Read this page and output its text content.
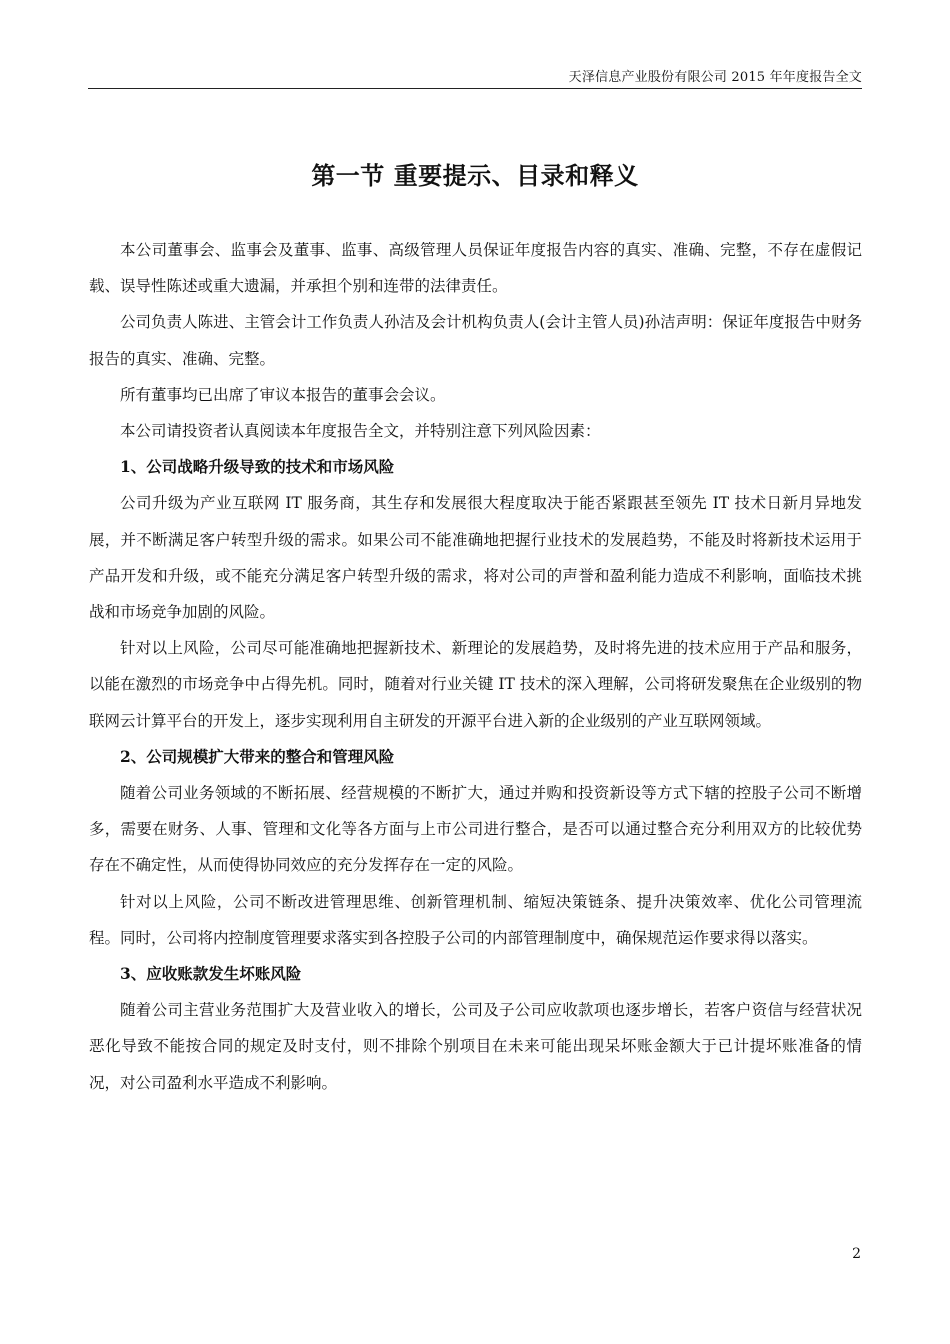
天泽信息产业股份有限公司 2015 年年度报告全文
第一节 重要提示、目录和释义

本公司董事会、监事会及董事、监事、高级管理人员保证年度报告内容的真实、准确、完整，不存在虚假记载、误导性陈述或重大遗漏，并承担个别和连带的法律责任。

公司负责人陈进、主管会计工作负责人孙洁及会计机构负责人(会计主管人员)孙洁声明：保证年度报告中财务报告的真实、准确、完整。

所有董事均已出席了审议本报告的董事会会议。

本公司请投资者认真阅读本年度报告全文，并特别注意下列风险因素：

1、公司战略升级导致的技术和市场风险

公司升级为产业互联网 IT 服务商，其生存和发展很大程度取决于能否紧跟甚至领先 IT 技术日新月异地发展，并不断满足客户转型升级的需求。如果公司不能准确地把握行业技术的发展趋势，不能及时将新技术运用于产品开发和升级，或不能充分满足客户转型升级的需求，将对公司的声誉和盈利能力造成不利影响，面临技术挑战和市场竞争加剧的风险。

针对以上风险，公司尽可能准确地把握新技术、新理论的发展趋势，及时将先进的技术应用于产品和服务，以能在激烈的市场竞争中占得先机。同时，随着对行业关键 IT 技术的深入理解，公司将研发聚焦在企业级别的物联网云计算平台的开发上，逐步实现利用自主研发的开源平台进入新的企业级别的产业互联网领域。

2、公司规模扩大带来的整合和管理风险

随着公司业务领域的不断拓展、经营规模的不断扩大，通过并购和投资新设等方式下辖的控股子公司不断增多，需要在财务、人事、管理和文化等各方面与上市公司进行整合，是否可以通过整合充分利用双方的比较优势存在不确定性，从而使得协同效应的充分发挥存在一定的风险。

针对以上风险，公司不断改进管理思维、创新管理机制、缩短决策链条、提升决策效率、优化公司管理流程。同时，公司将内控制度管理要求落实到各控股子公司的内部管理制度中，确保规范运作要求得以落实。

3、应收账款发生坏账风险

随着公司主营业务范围扩大及营业收入的增长，公司及子公司应收款项也逐步增长，若客户资信与经营状况恶化导致不能按合同的规定及时支付，则不排除个别项目在未来可能出现呆坏账金额大于已计提坏账准备的情况，对公司盈利水平造成不利影响。

2
